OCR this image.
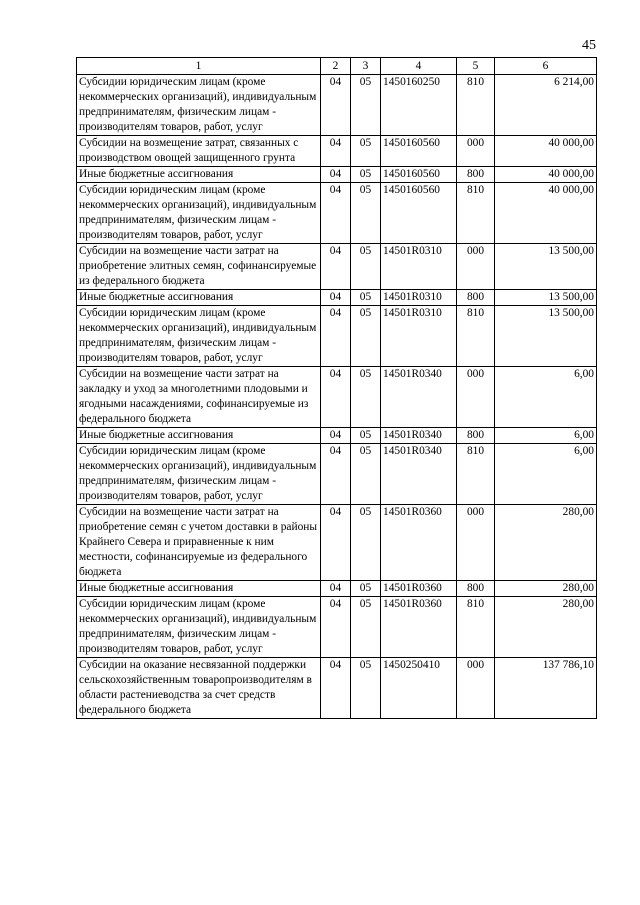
45
1	2	3	4	5	6
Субсидии юридическим лицам (кроме некоммерческих организаций), индивидуальным предпринимателям, физическим лицам - производителям товаров, работ, услуг	04	05	1450160250	810	6 214,00
Субсидии на возмещение затрат, связанных с производством овощей защищенного грунта	04	05	1450160560	000	40 000,00
Иные бюджетные ассигнования	04	05	1450160560	800	40 000,00
Субсидии юридическим лицам (кроме некоммерческих организаций), индивидуальным предпринимателям, физическим лицам - производителям товаров, работ, услуг	04	05	1450160560	810	40 000,00
Субсидии на возмещение части затрат на приобретение элитных семян, софинансируемые из федерального бюджета	04	05	14501R0310	000	13 500,00
Иные бюджетные ассигнования	04	05	14501R0310	800	13 500,00
Субсидии юридическим лицам (кроме некоммерческих организаций), индивидуальным предпринимателям, физическим лицам - производителям товаров, работ, услуг	04	05	14501R0310	810	13 500,00
Субсидии на возмещение части затрат на закладку и уход за многолетними плодовыми и ягодными насаждениями, софинансируемые из федерального бюджета	04	05	14501R0340	000	6,00
Иные бюджетные ассигнования	04	05	14501R0340	800	6,00
Субсидии юридическим лицам (кроме некоммерческих организаций), индивидуальным предпринимателям, физическим лицам - производителям товаров, работ, услуг	04	05	14501R0340	810	6,00
Субсидии на возмещение части затрат на приобретение семян с учетом доставки в районы Крайнего Севера и приравненные к ним местности, софинансируемые из федерального бюджета	04	05	14501R0360	000	280,00
Иные бюджетные ассигнования	04	05	14501R0360	800	280,00
Субсидии юридическим лицам (кроме некоммерческих организаций), индивидуальным предпринимателям, физическим лицам - производителям товаров, работ, услуг	04	05	14501R0360	810	280,00
Субсидии на оказание несвязанной поддержки сельскохозяйственным товаропроизводителям в области растениеводства за счет средств федерального бюджета	04	05	1450250410	000	137 786,10
